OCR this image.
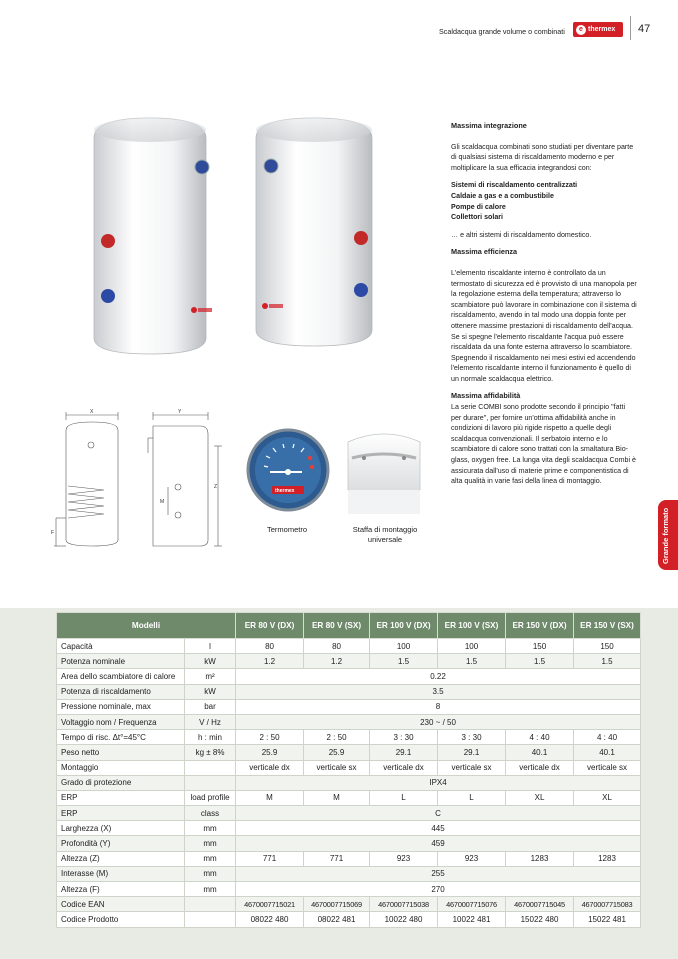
Scaldacqua grande volume o combinati	e thermex 47
Grande formato
X	Y
Z
M
F
thermex
Termometro	Staffa di montaggio universale
Massima integrazione

Gli scaldacqua combinati sono studiati per diventare parte di qualsiasi sistema di riscaldamento moderno e per moltiplicare la sua efficacia integrandosi con:

Sistemi di riscaldamento centralizzati

Caldaie a gas e a combustibile

Pompe di calore

Collettori solari

… e altri sistemi di riscaldamento domestico.

Massima efficienza

L'elemento riscaldante interno è controllato da un termostato di sicurezza ed è provvisto di una manopola per la regolazione esterna della temperatura; attraverso lo scambiatore può lavorare in combinazione con il sistema di riscaldamento, avendo in tal modo una doppia fonte per ottenere massime prestazioni di riscaldamento dell'acqua. Se si spegne l'elemento riscaldante l'acqua può essere riscaldata da una fonte esterna attraverso lo scambiatore. Spegnendo il riscaldamento nei mesi estivi ed accendendo l'elemento riscaldante interno il funzionamento è quello di un normale scaldacqua elettrico.

Massima affidabilità

La serie COMBI sono prodotte secondo il principio "fatti per durare", per fornire un'ottima affidabilità anche in condizioni di lavoro più rigide rispetto a quelle degli scaldacqua convenzionali. Il serbatoio interno e lo scambiatore di calore sono trattati con la smaltatura Bio-glass, oxygen free. La lunga vita degli scaldacqua Combi è assicurata dall'uso di materie prime e componentistica di alta qualità in varie fasi della linea di montaggio.

Modelli		ER 80 V (DX)	ER 80 V (SX)	ER 100 V (DX)	ER 100 V (SX)	ER 150 V (DX)	ER 150 V (SX)
Capacità	l	80	80	100	100	150	150
Potenza nominale	kW	1.2	1.2	1.5	1.5	1.5	1.5
Area dello scambiatore di calore	m²	0.22					
Potenza di riscaldamento	kW	3.5					
Pressione nominale, max	bar	8					
Voltaggio nom / Frequenza	V / Hz	230 ~ / 50					
Tempo di risc. Δt°=45°C	h : min	2 : 50	2 : 50	3 : 30	3 : 30	4 : 40	4 : 40
Peso netto	kg ± 8%	25.9	25.9	29.1	29.1	40.1	40.1
Montaggio		verticale dx	verticale sx	verticale dx	verticale sx	verticale dx	verticale sx
Grado di protezione		IPX4					
ERP	load profile	M	M	L	L	XL	XL
ERP	class	C					
Larghezza (X)	mm	445					
Profondità (Y)	mm	459					
Altezza (Z)	mm	771	771	923	923	1283	1283
Interasse (M)	mm	255					
Altezza (F)	mm	270					
Codice EAN		4670007715021	4670007715069	4670007715038	4670007715076	4670007715045	4670007715083
Codice Prodotto		08022 480	08022 481	10022 480	10022 481	15022 480	15022 481
